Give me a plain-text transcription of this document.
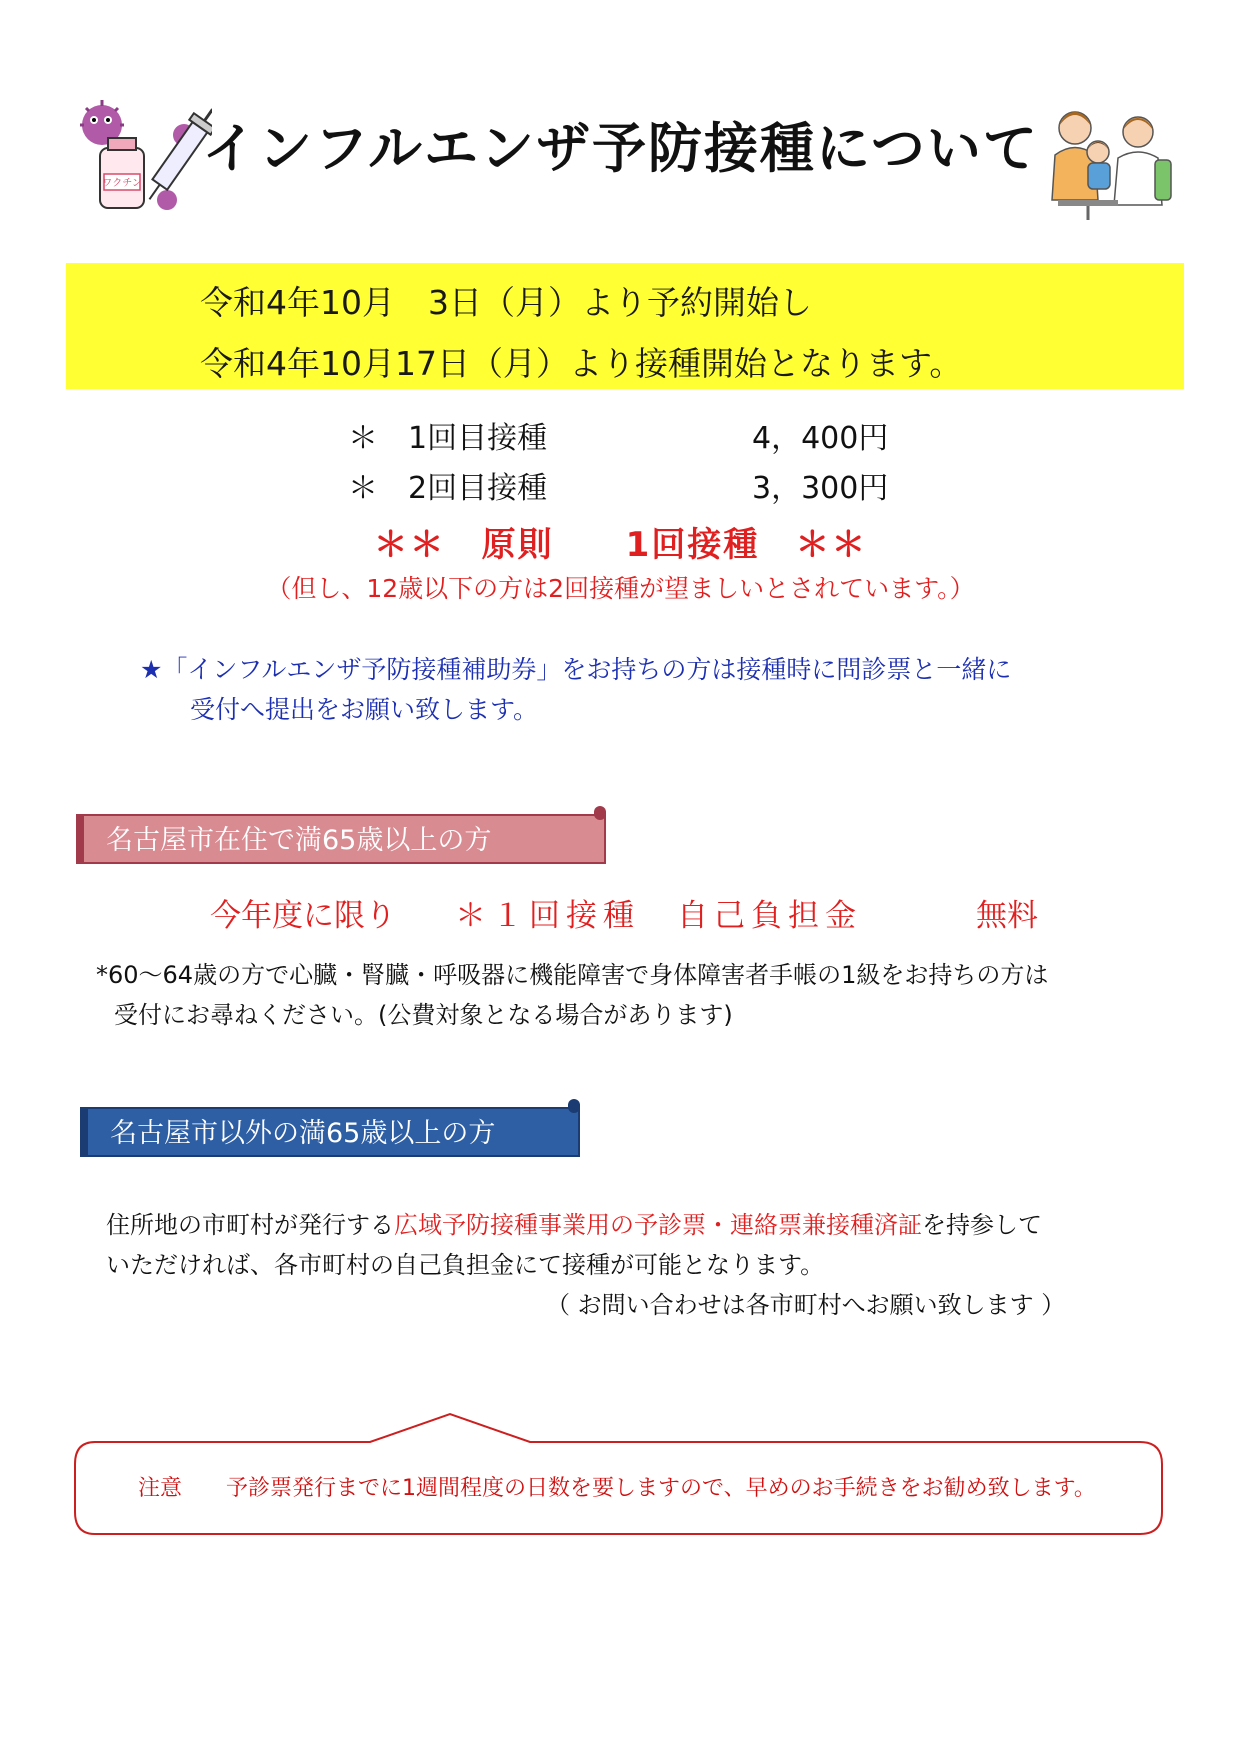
ワクチン
インフルエンザ予防接種について
令和4年10月　3日（月）より予約開始し
令和4年10月17日（月）より接種開始となります。
＊　1回目接種	4，400円
＊　2回目接種	3，300円
＊＊　原則　　1回接種　＊＊
（但し、12歳以下の方は2回接種が望ましいとされています。）
★「インフルエンザ予防接種補助券」をお持ちの方は接種時に問診票と一緒に
受付へ提出をお願い致します。
名古屋市在住で満65歳以上の方
今年度に限り ＊１回接種　自己負担金	無料
*60～64歳の方で心臓・腎臓・呼吸器に機能障害で身体障害者手帳の1級をお持ちの方は
受付にお尋ねください。(公費対象となる場合があります)
名古屋市以外の満65歳以上の方
住所地の市町村が発行する広域予防接種事業用の予診票・連絡票兼接種済証を持参して
いただければ、各市町村の自己負担金にて接種が可能となります。
（ お問い合わせは各市町村へお願い致します ）
注意　　 予診票発行までに1週間程度の日数を要しますので、早めのお手続きをお勧め致します。
